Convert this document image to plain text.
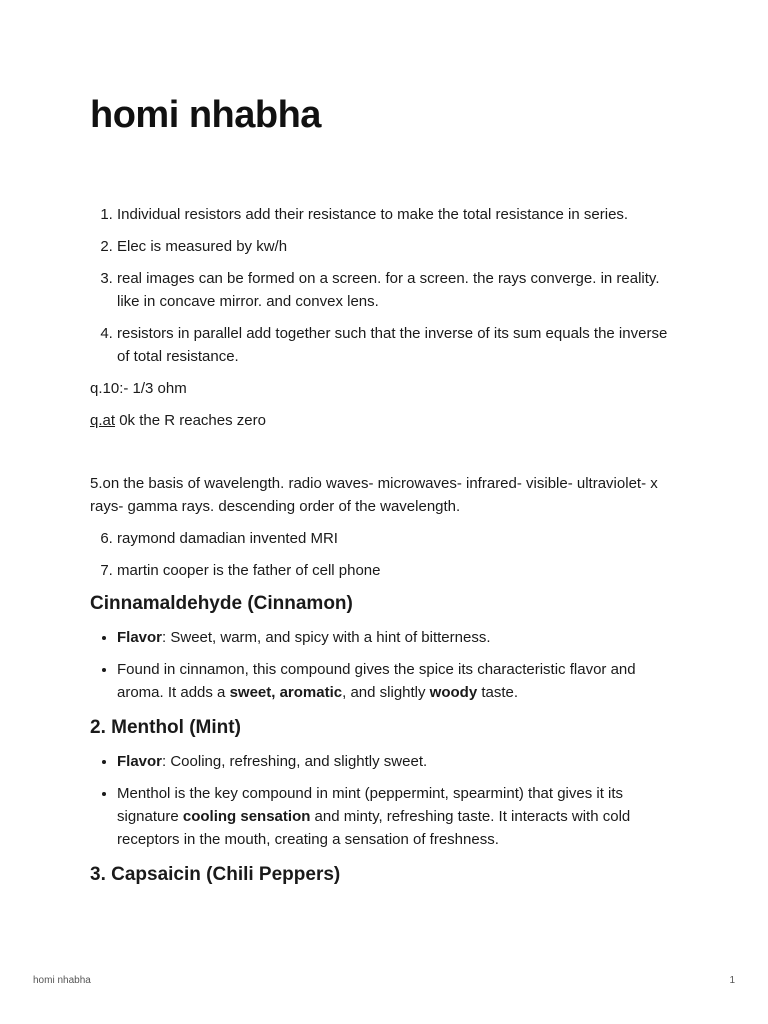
homi nhabha
1. Individual resistors add their resistance to make the total resistance in series.
2. Elec is measured by kw/h
3. real images can be formed on a screen. for a screen. the rays converge. in reality. like in concave mirror. and convex lens.
4. resistors in parallel add together such that the inverse of its sum equals the inverse of total resistance.

q.10:- 1/3 ohm

q.at 0k the R reaches zero

5.on the basis of wavelength. radio waves- microwaves- infrared- visible- ultraviolet- x rays- gamma rays. descending order of the wavelength.

6. raymond damadian invented MRI
7. martin cooper is the father of cell phone
Cinnamaldehyde (Cinnamon)
• Flavor: Sweet, warm, and spicy with a hint of bitterness.
• Found in cinnamon, this compound gives the spice its characteristic flavor and aroma. It adds a sweet, aromatic, and slightly woody taste.
2. Menthol (Mint)
• Flavor: Cooling, refreshing, and slightly sweet.
• Menthol is the key compound in mint (peppermint, spearmint) that gives it its signature cooling sensation and minty, refreshing taste. It interacts with cold receptors in the mouth, creating a sensation of freshness.
3. Capsaicin (Chili Peppers)
homi nhabha	1
